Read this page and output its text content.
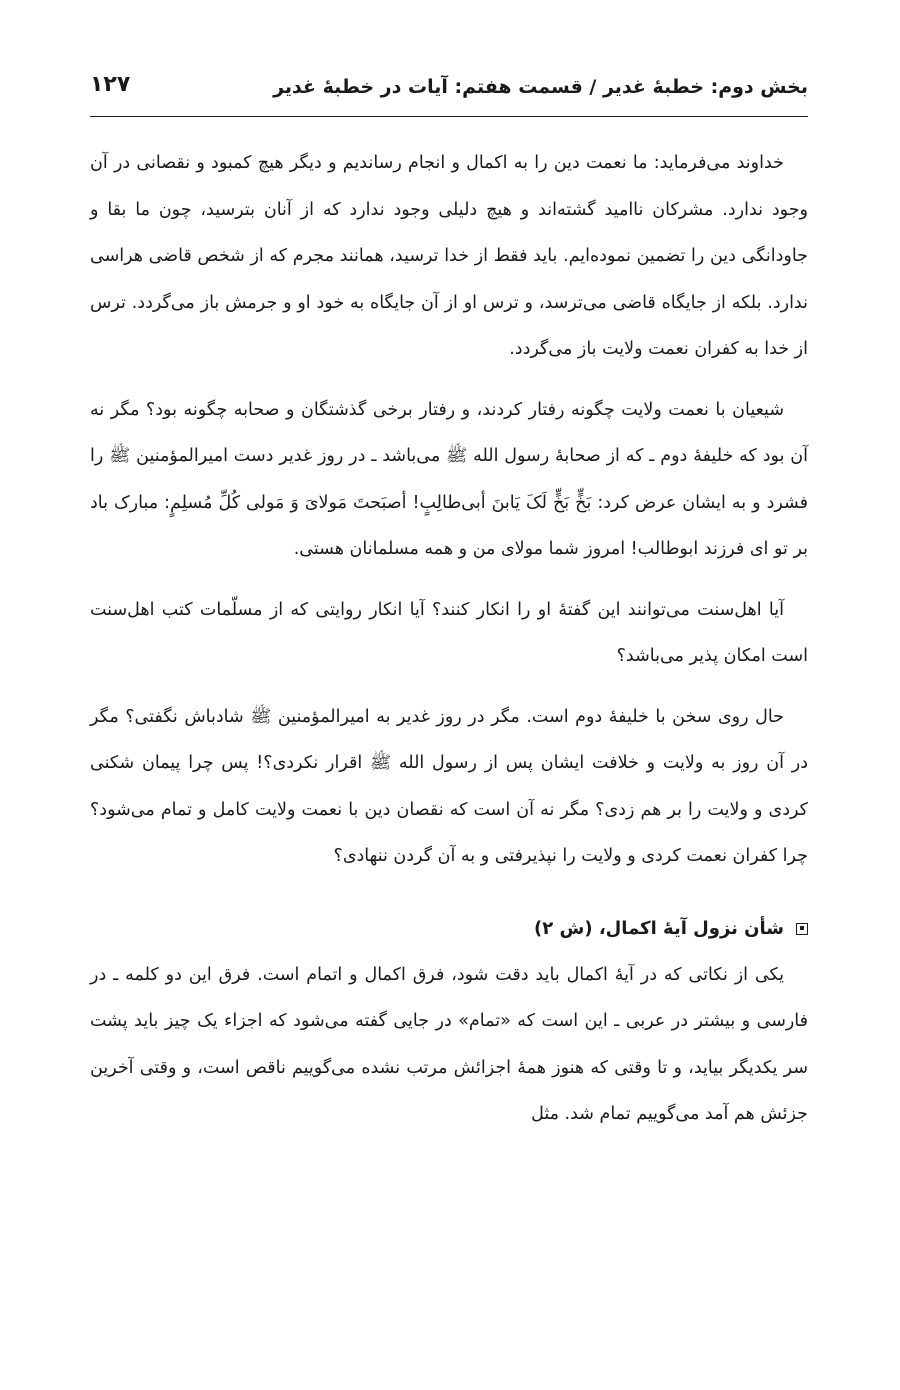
بخش دوم: خطبهٔ غدیر / قسمت هفتم: آیات در خطبهٔ غدیر
۱۲۷

خداوند می‌فرماید: ما نعمت دین را به اکمال و انجام رساندیم و دیگر هیچ کمبود و نقصانی در آن وجود ندارد. مشرکان ناامید گشته‌اند و هیچ دلیلی وجود ندارد که از آنان بترسید، چون ما بقا و جاودانگی دین را تضمین نموده‌ایم. باید فقط از خدا ترسید، همانند مجرم که از شخص قاضی هراسی ندارد. بلکه از جایگاه قاضی می‌ترسد، و ترس او از آن جایگاه به خود او و جرمش باز می‌گردد. ترس از خدا به کفران نعمت ولایت باز می‌گردد.

شیعیان با نعمت ولایت چگونه رفتار کردند، و رفتار برخی گذشتگان و صحابه چگونه بود؟ مگر نه آن بود که خلیفهٔ دوم ـ که از صحابهٔ رسول الله ﷺ می‌باشد ـ در روز غدیر دست امیرالمؤمنین ﷺ را فشرد و به ایشان عرض کرد: بَخٍّ بَخٍّ لَکَ یَابنَ أبی‌طالِبٍ! أصبَحتَ مَولایَ وَ مَولی کُلِّ مُسلِمٍ: مبارک باد بر تو ای فرزند ابوطالب! امروز شما مولای من و همه مسلمانان هستی.

آیا اهل‌سنت می‌توانند این گفتهٔ او را انکار کنند؟ آیا انکار روایتی که از مسلّمات کتب اهل‌سنت است امکان پذیر می‌باشد؟

حال روی سخن با خلیفهٔ دوم است. مگر در روز غدیر به امیرالمؤمنین ﷺ شادباش نگفتی؟ مگر در آن روز به ولایت و خلافت ایشان پس از رسول الله ﷺ اقرار نکردی؟! پس چرا پیمان شکنی کردی و ولایت را بر هم زدی؟ مگر نه آن است که نقصان دین با نعمت ولایت کامل و تمام می‌شود؟ چرا کفران نعمت کردی و ولایت را نپذیرفتی و به آن گردن ننهادی؟

شأن نزول آیهٔ اکمال، (ش ۲)

یکی از نکاتی که در آیهٔ اکمال باید دقت شود، فرق اکمال و اتمام است. فرق این دو کلمه ـ در فارسی و بیشتر در عربی ـ این است که «تمام» در جایی گفته می‌شود که اجزاء یک چیز باید پشت سر یکدیگر بیاید، و تا وقتی که هنوز همهٔ اجزائش مرتب نشده می‌گوییم ناقص است، و وقتی آخرین جزئش هم آمد می‌گوییم تمام شد. مثل
